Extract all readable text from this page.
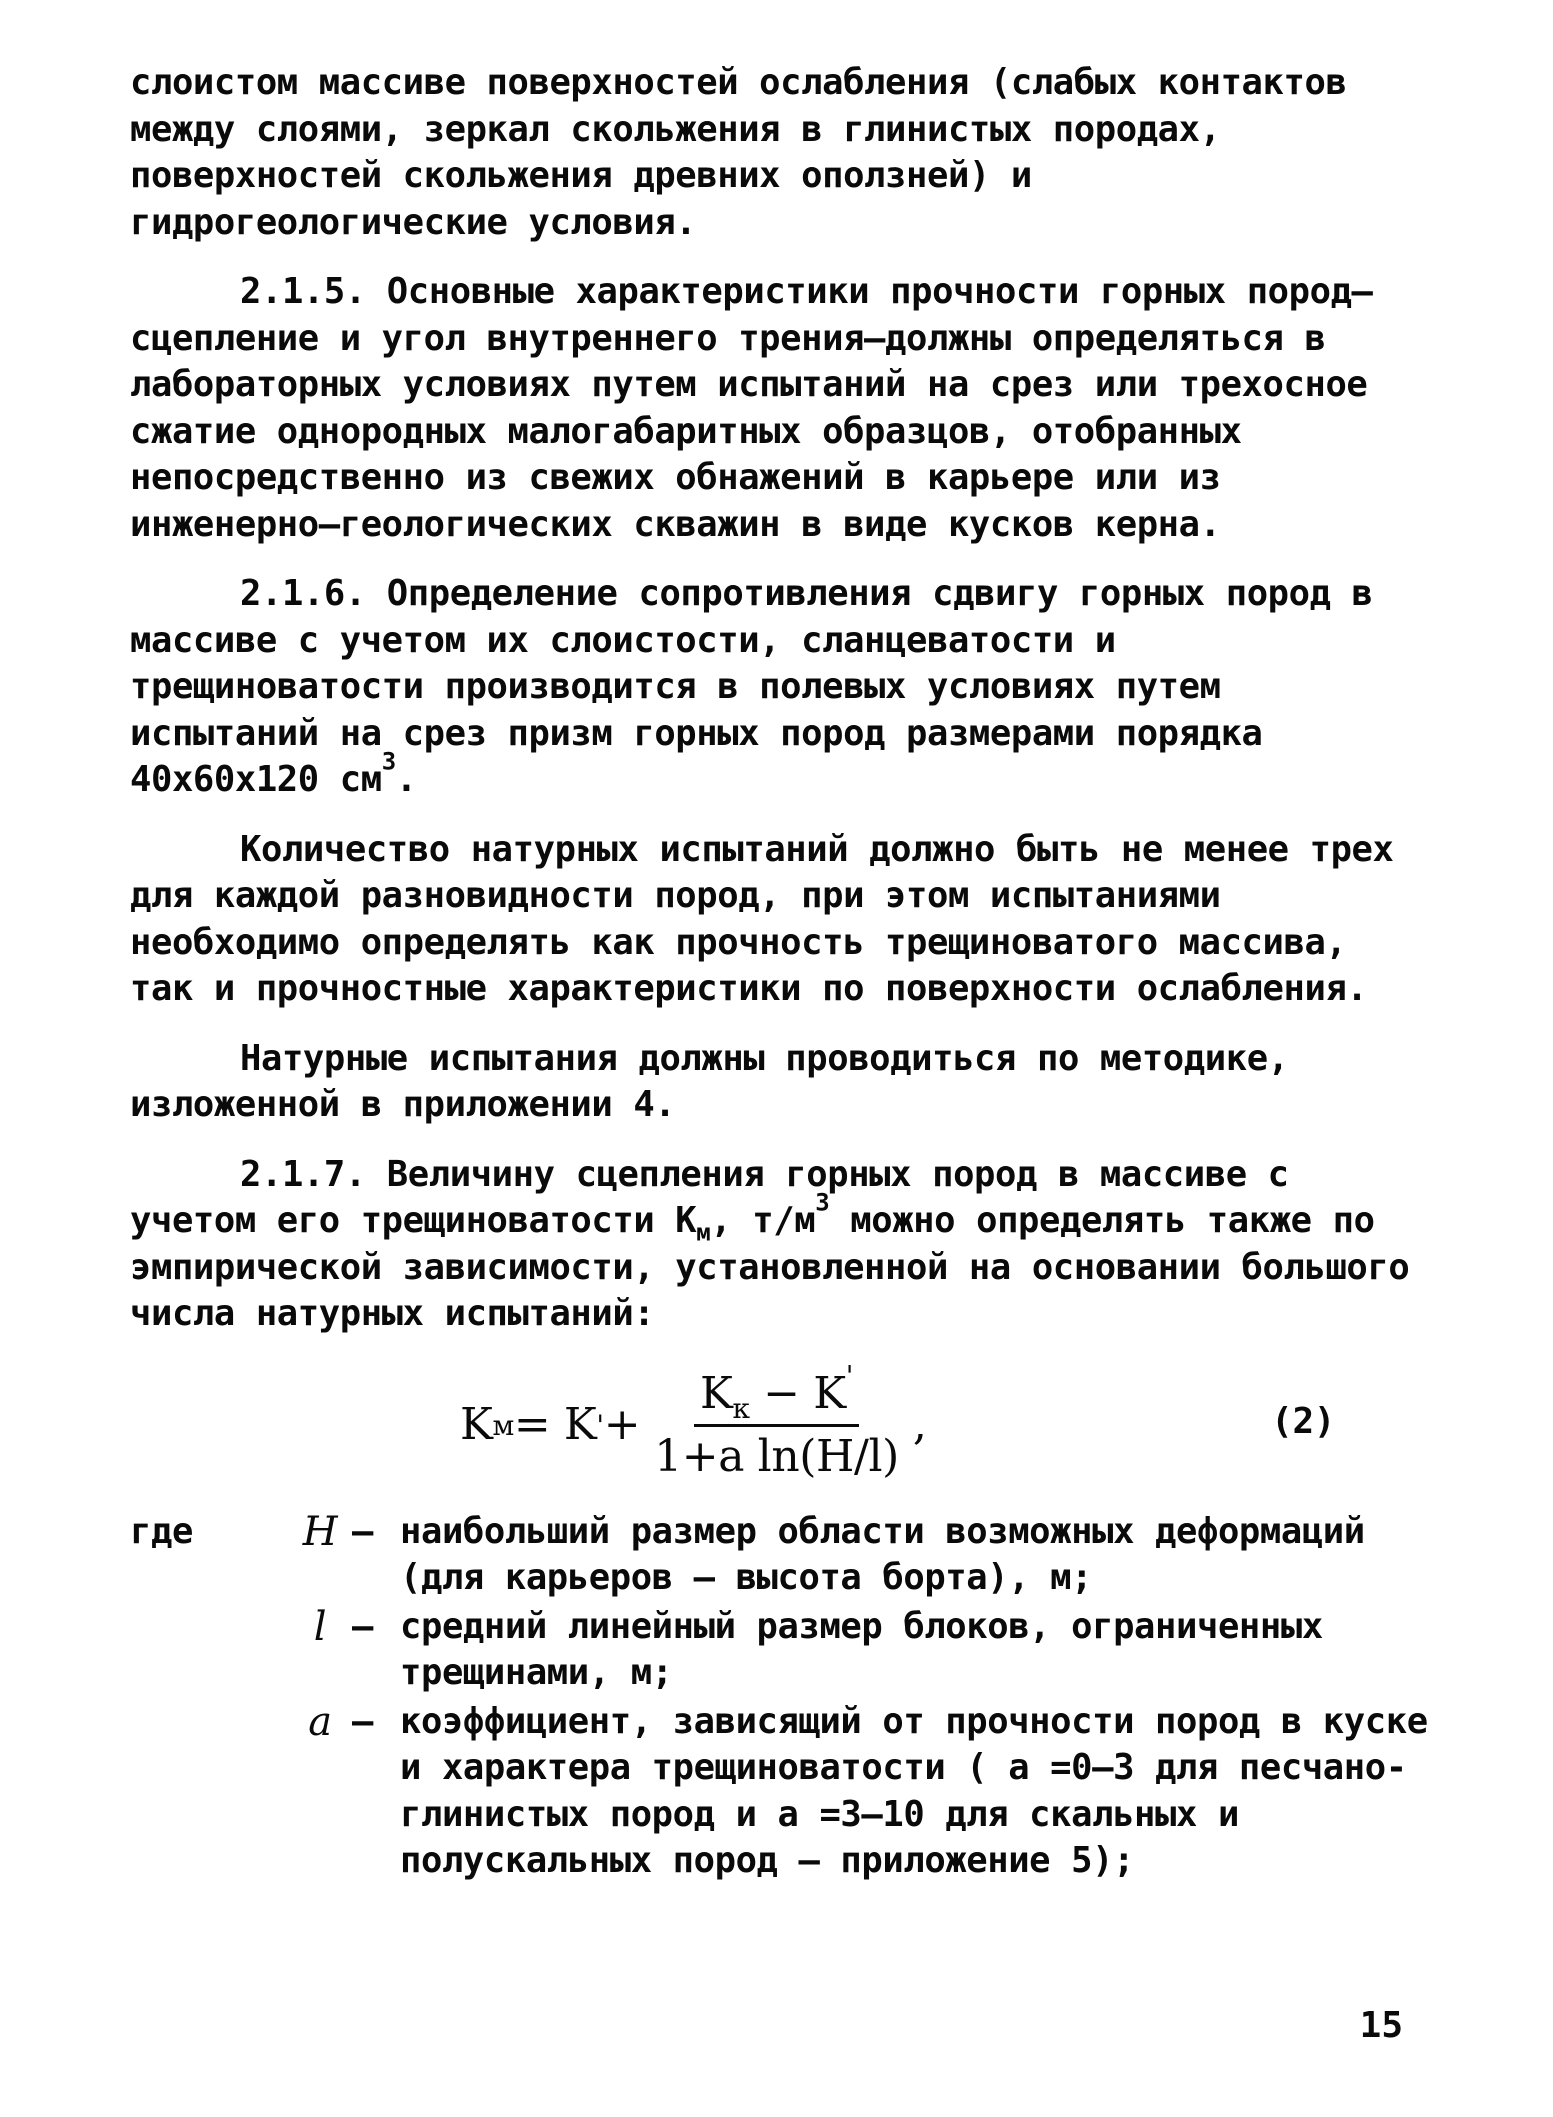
слоистом массиве поверхностей ослабления (слабых контактов между слоями, зеркал скольжения в глинистых породах, поверхностей скольжения древних оползней) и гидрогеологические условия.

2.1.5. Основные характеристики прочности горных пород–сцепление и угол внутреннего трения–должны определяться в лабораторных условиях путем испытаний на срез или трехосное сжатие однородных малогабаритных образцов, отобранных непосредственно из свежих обнажений в карьере или из инженерно–геологических скважин в виде кусков керна.

2.1.6. Определение сопротивления сдвигу горных пород в массиве с учетом их слоистости, сланцеватости и трещиноватости производится в полевых условиях путем испытаний на срез призм горных пород размерами порядка 40х60х120 $см^3$.

Количество натурных испытаний должно быть не менее трех для каждой разновидности пород, при этом испытаниями необходимо определять как прочность трещиноватого массива, так и прочностные характеристики по поверхности ослабления.

Натурные испытания должны проводиться по методике, изложенной в приложении 4.

2.1.7. Величину сцепления горных пород в массиве с учетом его трещиноватости $K_м$, $т/м^3$ можно определять также по эмпирической зависимости, установленной на основании большого числа натурных испытаний:

K м = K ' + $\frac{K_к - K'}{\text{1+a ln(H/l)}}$ ,	(2)
где	H – наибольший размер области возможных деформаций (для карьеров – высота борта), м;
l – средний линейный размер блоков, ограниченных трещинами, м;
a – коэффициент, зависящий от прочности пород в куске и характера трещиноватости ( a =0–3 для песчано-глинистых пород и a =3–10 для скальных и полускальных пород – приложение 5);
15
